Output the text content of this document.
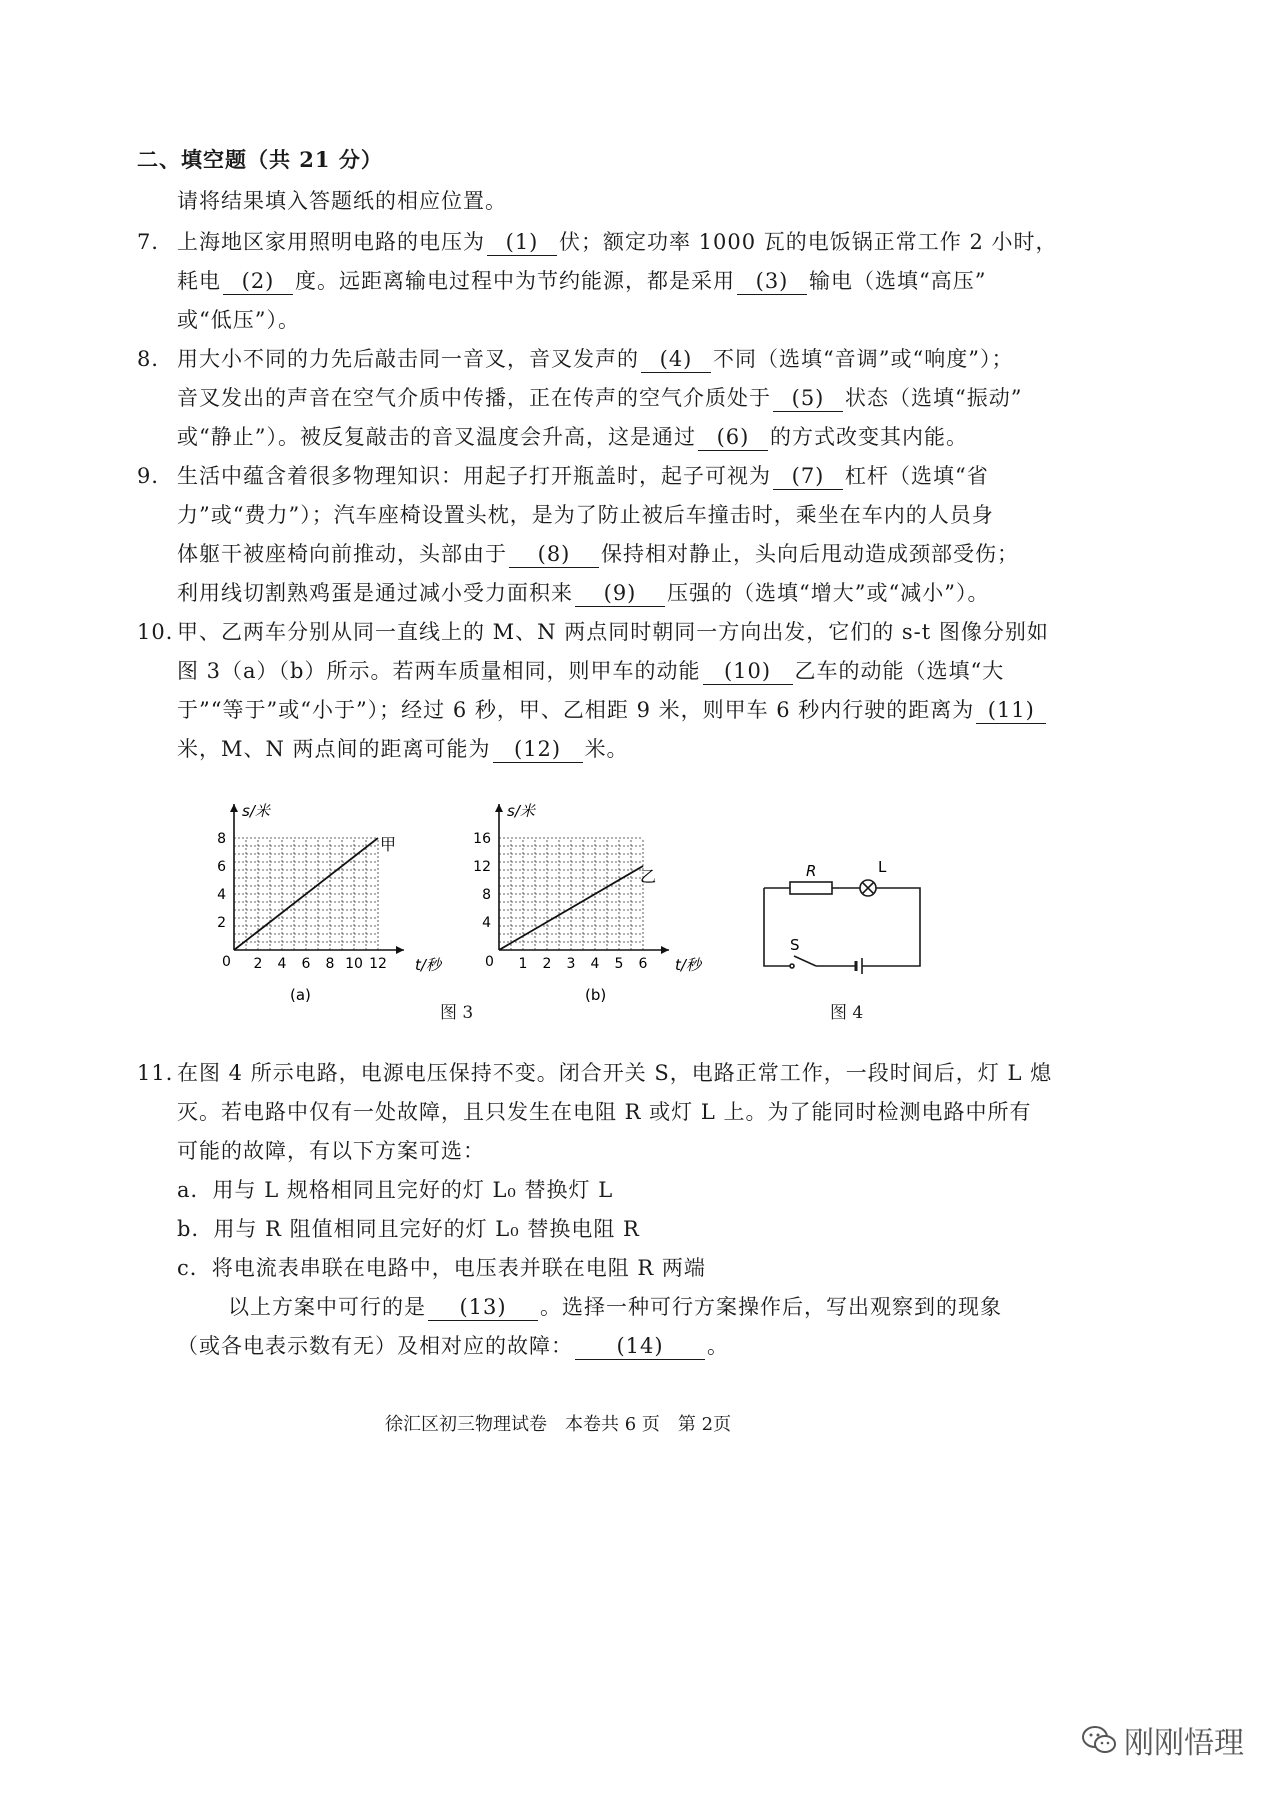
二、填空题（共 21 分）
请将结果填入答题纸的相应位置。
7． 上海地区家用照明电路的电压为 (1) 伏；额定功率 1000 瓦的电饭锅正常工作 2 小时，
耗电 (2) 度。远距离输电过程中为节约能源，都是采用 (3) 输电（选填“高压”
或“低压”）。
8． 用大小不同的力先后敲击同一音叉，音叉发声的 (4) 不同（选填“音调”或“响度”）；
音叉发出的声音在空气介质中传播，正在传声的空气介质处于 (5) 状态（选填“振动”
或“静止”）。被反复敲击的音叉温度会升高，这是通过 (6) 的方式改变其内能。
9． 生活中蕴含着很多物理知识：用起子打开瓶盖时，起子可视为 (7) 杠杆（选填“省
力”或“费力”）；汽车座椅设置头枕，是为了防止被后车撞击时，乘坐在车内的人员身
体躯干被座椅向前推动，头部由于 (8) 保持相对静止，头向后甩动造成颈部受伤；
利用线切割熟鸡蛋是通过减小受力面积来 (9) 压强的（选填“增大”或“减小”）。
10．甲、乙两车分别从同一直线上的 M、N 两点同时朝同一方向出发，它们的 s-t 图像分别如
图 3（a）（b）所示。若两车质量相同，则甲车的动能 (10) 乙车的动能（选填“大
于”“等于”或“小于”）；经过 6 秒，甲、乙相距 9 米，则甲车 6 秒内行驶的距离为 (11)
米，M、N 两点间的距离可能为 (12) 米。
2 4 6 8 10 12
2
4
6
8
s/米
t/秒
甲
0
(a)
1 2 3 4 5 6
4
8
12
16
s/米
t/秒
乙
0
(b)
图 3
R	L
S
图 4
11．在图 4 所示电路，电源电压保持不变。闭合开关 S，电路正常工作，一段时间后，灯 L 熄
灭。若电路中仅有一处故障，且只发生在电阻 R 或灯 L 上。为了能同时检测电路中所有
可能的故障，有以下方案可选：
a．用与 L 规格相同且完好的灯 L₀ 替换灯 L
b．用与 R 阻值相同且完好的灯 L₀ 替换电阻 R
c．将电流表串联在电路中，电压表并联在电阻 R 两端
以上方案中可行的是 (13) 。选择一种可行方案操作后，写出观察到的现象
（或各电表示数有无）及相对应的故障： (14) 。
徐汇区初三物理试卷　本卷共 6 页　第 2页
刚刚悟理
